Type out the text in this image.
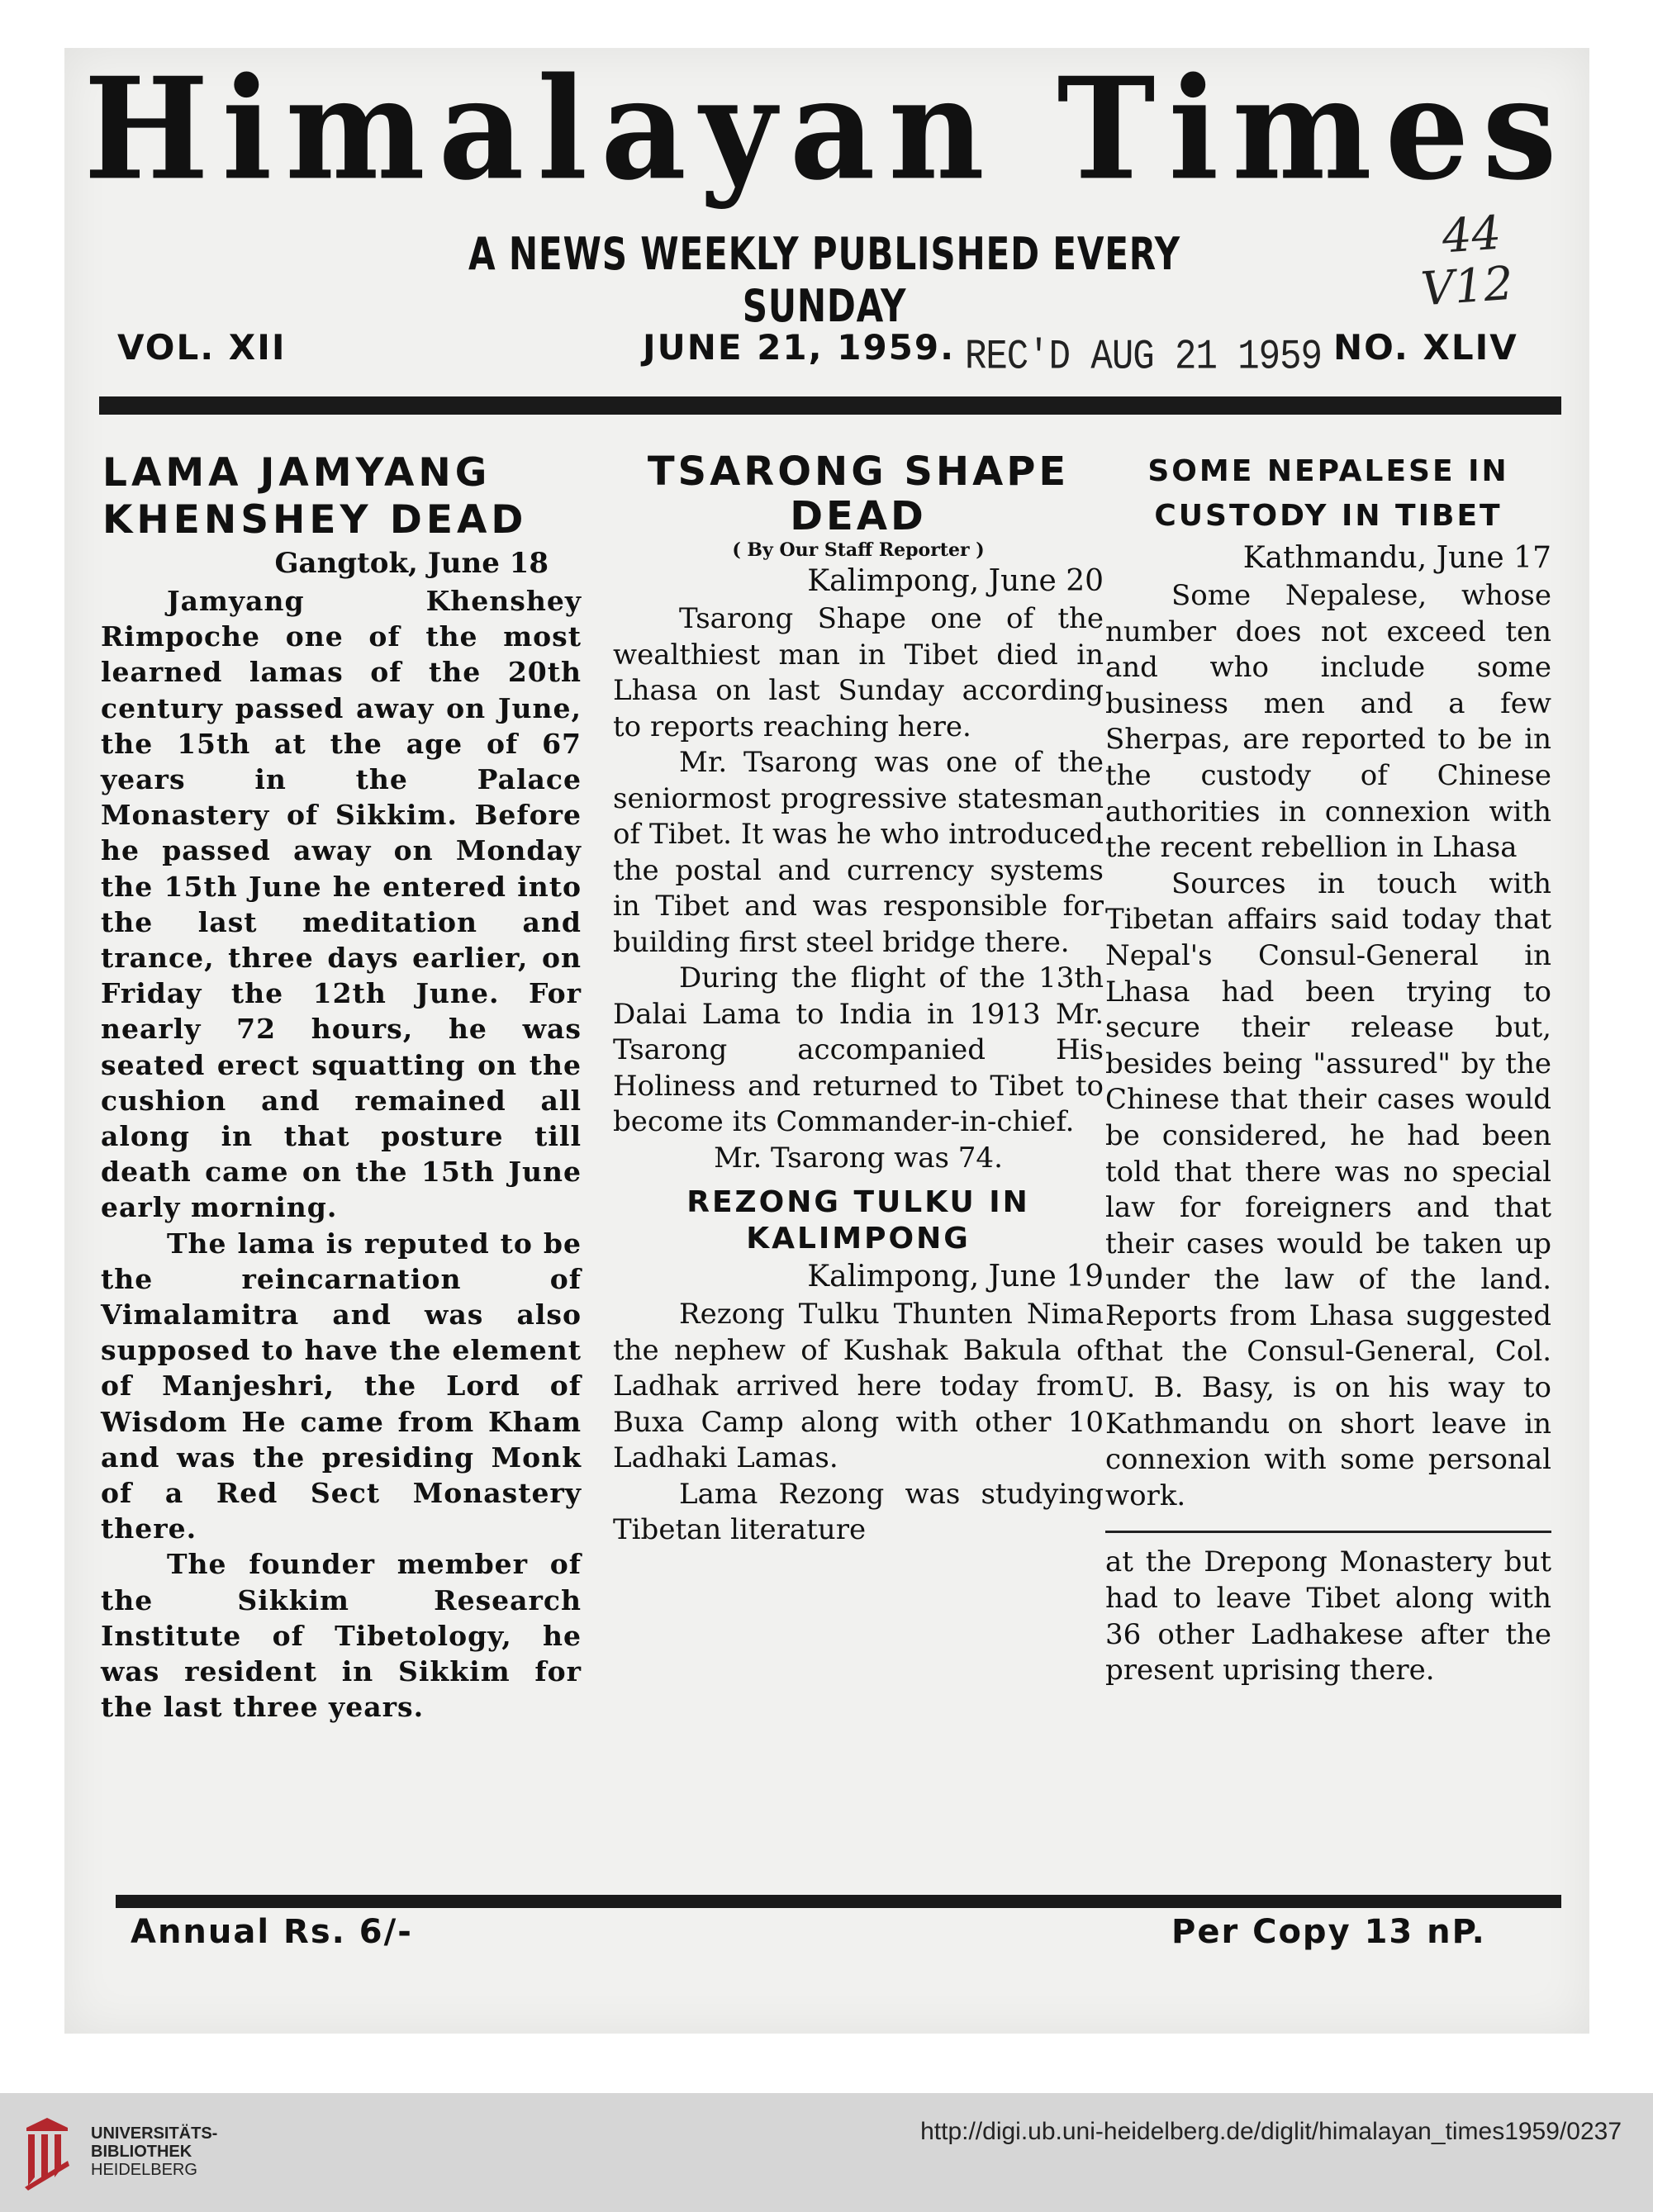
Himalayan Times
A NEWS WEEKLY PUBLISHED EVERY SUNDAY
44
V12
VOL. XII	JUNE 21, 1959. REC'D AUG 21 1959 NO. XLIV
LAMA JAMYANG KHENSHEY DEAD

Gangtok, June 18

Jamyang Khenshey Rimpoche one of the most learned lamas of the 20th century passed away on June, the 15th at the age of 67 years in the Palace Monastery of Sikkim. Before he passed away on Monday the 15th June he entered into the last meditation and trance, three days earlier, on Friday the 12th June. For nearly 72 hours, he was seated erect squatting on the cushion and remained all along in that posture till death came on the 15th June early morning.

The lama is reputed to be the reincarnation of Vimalamitra and was also supposed to have the element of Manjeshri, the Lord of Wisdom He came from Kham and was the presiding Monk of a Red Sect Monastery there.

The founder member of the Sikkim Research Institute of Tibetology, he was resident in Sikkim for the last three years.

TSARONG SHAPE DEAD

( By Our Staff Reporter )

Kalimpong, June 20

Tsarong Shape one of the wealthiest man in Tibet died in Lhasa on last Sunday according to reports reaching here.

Mr. Tsarong was one of the seniormost progressive statesman of Tibet. It was he who introduced the postal and currency systems in Tibet and was responsible for building first steel bridge there.

During the flight of the 13th Dalai Lama to India in 1913 Mr. Tsarong accompanied His Holiness and returned to Tibet to become its Commander-in-chief.

Mr. Tsarong was 74.

REZONG TULKU IN KALIMPONG

Kalimpong, June 19

Rezong Tulku Thunten Nima the nephew of Kushak Bakula of Ladhak arrived here today from Buxa Camp along with other 10 Ladhaki Lamas.

Lama Rezong was studying Tibetan literature

SOME NEPALESE IN CUSTODY IN TIBET

Kathmandu, June 17

Some Nepalese, whose number does not exceed ten and who include some business men and a few Sherpas, are reported to be in the custody of Chinese authorities in connexion with the recent rebellion in Lhasa

Sources in touch with Tibetan affairs said today that Nepal's Consul-General in Lhasa had been trying to secure their release but, besides being "assured" by the Chinese that their cases would be considered, he had been told that there was no special law for foreigners and that their cases would be taken up under the law of the land. Reports from Lhasa suggested that the Consul-General, Col. U. B. Basy, is on his way to Kathmandu on short leave in connexion with some personal work.

at the Drepong Monastery but had to leave Tibet along with 36 other Ladhakese after the present uprising there.

Annual Rs. 6/-	Per Copy 13 nP.
UNIVERSITÄTS-
BIBLIOTHEK
HEIDELBERG
http://digi.ub.uni-heidelberg.de/diglit/himalayan_times1959/0237
